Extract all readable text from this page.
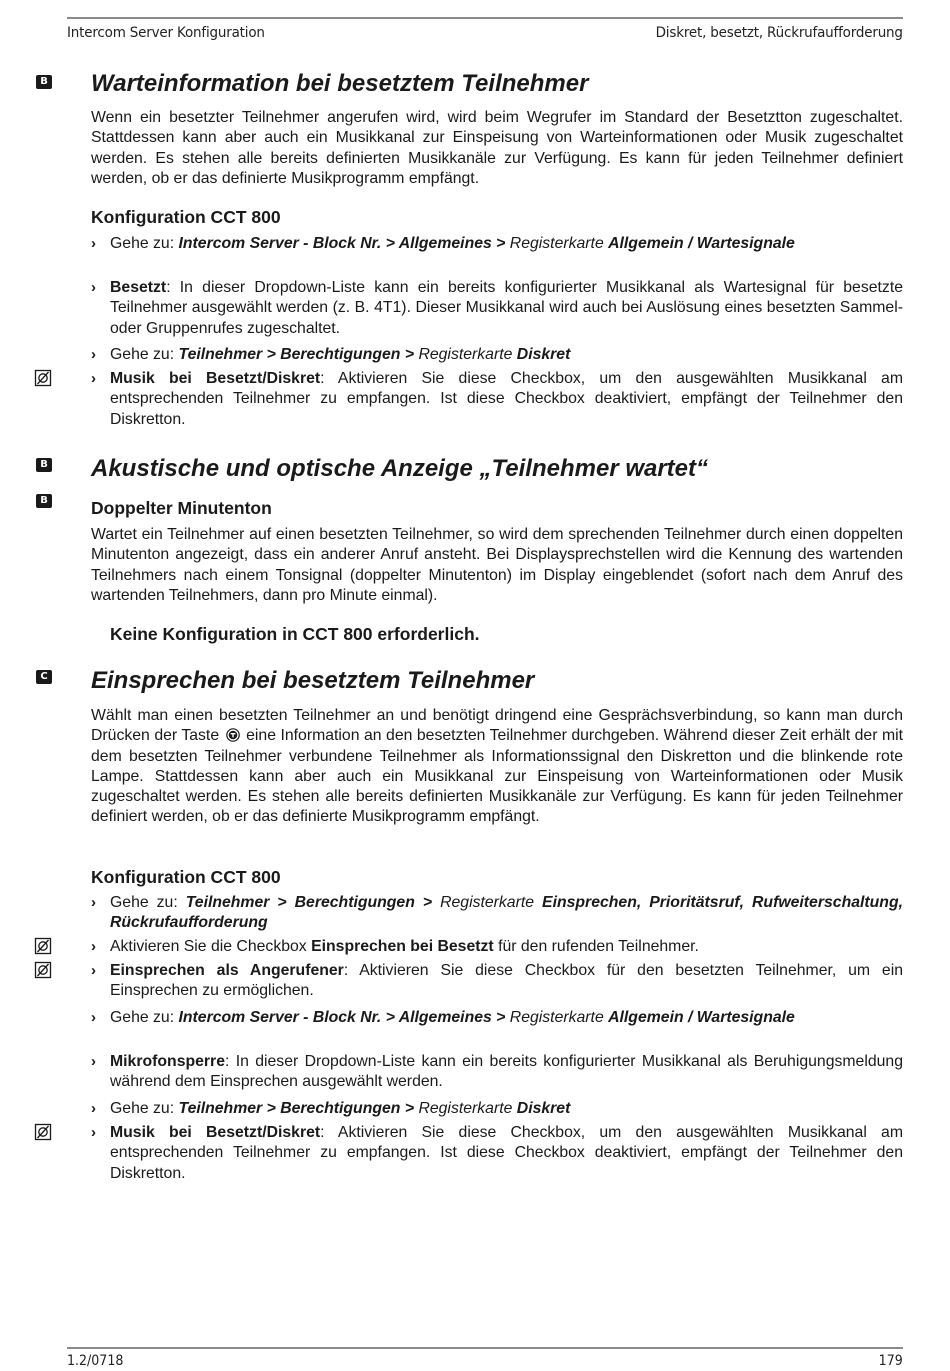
Intercom Server Konfiguration	Diskret, besetzt, Rückrufaufforderung
B Warteinformation bei besetztem Teilnehmer

Wenn ein besetzter Teilnehmer angerufen wird, wird beim Wegrufer im Standard der Besetztton zugeschaltet. Stattdessen kann aber auch ein Musikkanal zur Einspeisung von Warteinformationen oder Musik zugeschaltet werden. Es stehen alle bereits definierten Musikkanäle zur Verfügung. Es kann für jeden Teilnehmer definiert werden, ob er das definierte Musikprogramm empfängt.

Konfiguration CCT 800
› Gehe zu: Intercom Server - Block Nr. > Allgemeines > Registerkarte Allgemein / Wartesignale
› Besetzt: In dieser Dropdown-Liste kann ein bereits konfigurierter Musikkanal als Wartesignal für besetzte Teilnehmer ausgewählt werden (z. B. 4T1). Dieser Musikkanal wird auch bei Auslösung eines besetzten Sammel- oder Gruppenrufes zugeschaltet.
› Gehe zu: Teilnehmer > Berechtigungen > Registerkarte Diskret
› Musik bei Besetzt/Diskret: Aktivieren Sie diese Checkbox, um den ausgewählten Musikkanal am entsprechenden Teilnehmer zu empfangen. Ist diese Checkbox deaktiviert, empfängt der Teilnehmer den Diskretton.
B Akustische und optische Anzeige „Teilnehmer wartet“
B Doppelter Minutenton

Wartet ein Teilnehmer auf einen besetzten Teilnehmer, so wird dem sprechenden Teilnehmer durch einen doppelten Minutenton angezeigt, dass ein anderer Anruf ansteht. Bei Displaysprechstellen wird die Kennung des wartenden Teilnehmers nach einem Tonsignal (doppelter Minutenton) im Display eingeblendet (sofort nach dem Anruf des wartenden Teilnehmers, dann pro Minute einmal).

Keine Konfiguration in CCT 800 erforderlich.
C Einsprechen bei besetztem Teilnehmer

Wählt man einen besetzten Teilnehmer an und benötigt dringend eine Gesprächsverbindung, so kann man durch Drücken der Taste eine Information an den besetzten Teilnehmer durchgeben. Während dieser Zeit erhält der mit dem besetzten Teilnehmer verbundene Teilnehmer als Informationssignal den Diskretton und die blinkende rote Lampe. Stattdessen kann aber auch ein Musikkanal zur Einspeisung von Warteinformationen oder Musik zugeschaltet werden. Es stehen alle bereits definierten Musikkanäle zur Verfügung. Es kann für jeden Teilnehmer definiert werden, ob er das definierte Musikprogramm empfängt.

Konfiguration CCT 800
› Gehe zu: Teilnehmer > Berechtigungen > Registerkarte Einsprechen, Prioritätsruf, Rufweiterschaltung, Rückrufaufforderung
› Aktivieren Sie die Checkbox Einsprechen bei Besetzt für den rufenden Teilnehmer.
› Einsprechen als Angerufener: Aktivieren Sie diese Checkbox für den besetzten Teilnehmer, um ein Einsprechen zu ermöglichen.
› Gehe zu: Intercom Server - Block Nr. > Allgemeines > Registerkarte Allgemein / Wartesignale
› Mikrofonsperre: In dieser Dropdown-Liste kann ein bereits konfigurierter Musikkanal als Beruhigungsmeldung während dem Einsprechen ausgewählt werden.
› Gehe zu: Teilnehmer > Berechtigungen > Registerkarte Diskret
› Musik bei Besetzt/Diskret: Aktivieren Sie diese Checkbox, um den ausgewählten Musikkanal am entsprechenden Teilnehmer zu empfangen. Ist diese Checkbox deaktiviert, empfängt der Teilnehmer den Diskretton.
1.2/0718	179
